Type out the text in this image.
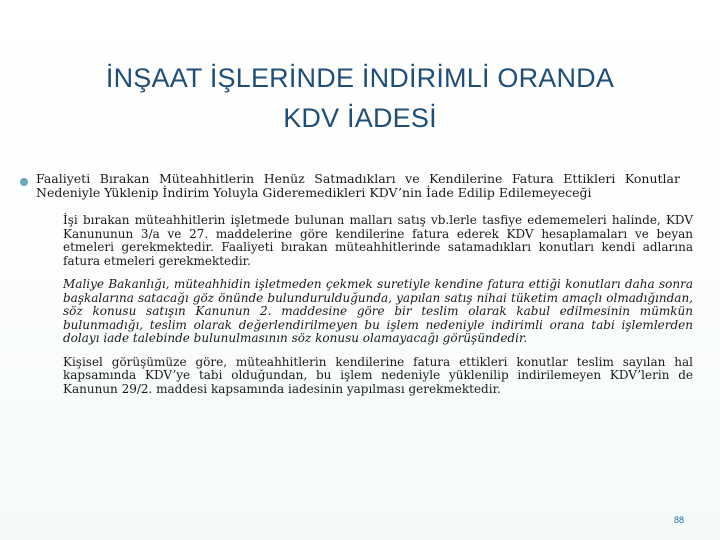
İNŞAAT İŞLERİNDE İNDİRİMLİ ORANDA
KDV İADESİ
Faaliyeti Bırakan Müteahhitlerin Henüz Satmadıkları ve Kendilerine Fatura Ettikleri Konutlar Nedeniyle Yüklenip İndirim Yoluyla Gideremedikleri KDV’nin İade Edilip Edilemeyeceği
İşi bırakan müteahhitlerin işletmede bulunan malları satış vb.lerle tasfiye edememeleri halinde, KDV Kanununun 3/a ve 27. maddelerine göre kendilerine fatura ederek KDV hesaplamaları ve beyan etmeleri gerekmektedir. Faaliyeti bırakan müteahhitlerinde satamadıkları konutları kendi adlarına fatura etmeleri gerekmektedir.
Maliye Bakanlığı, müteahhidin işletmeden çekmek suretiyle kendine fatura ettiği konutları daha sonra başkalarına satacağı göz önünde bulundurulduğunda, yapılan satış nihai tüketim amaçlı olmadığından, söz konusu satışın Kanunun 2. maddesine göre bir teslim olarak kabul edilmesinin mümkün bulunmadığı, teslim olarak değerlendirilmeyen bu işlem nedeniyle indirimli orana tabi işlemlerden dolayı iade talebinde bulunulmasının söz konusu olamayacağı görüşündedir.
Kişisel görüşümüze göre, müteahhitlerin kendilerine fatura ettikleri konutlar teslim sayılan hal kapsamında KDV’ye tabi olduğundan, bu işlem nedeniyle yüklenilip indirilemeyen KDV’lerin de Kanunun 29/2. maddesi kapsamında iadesinin yapılması gerekmektedir.
88
